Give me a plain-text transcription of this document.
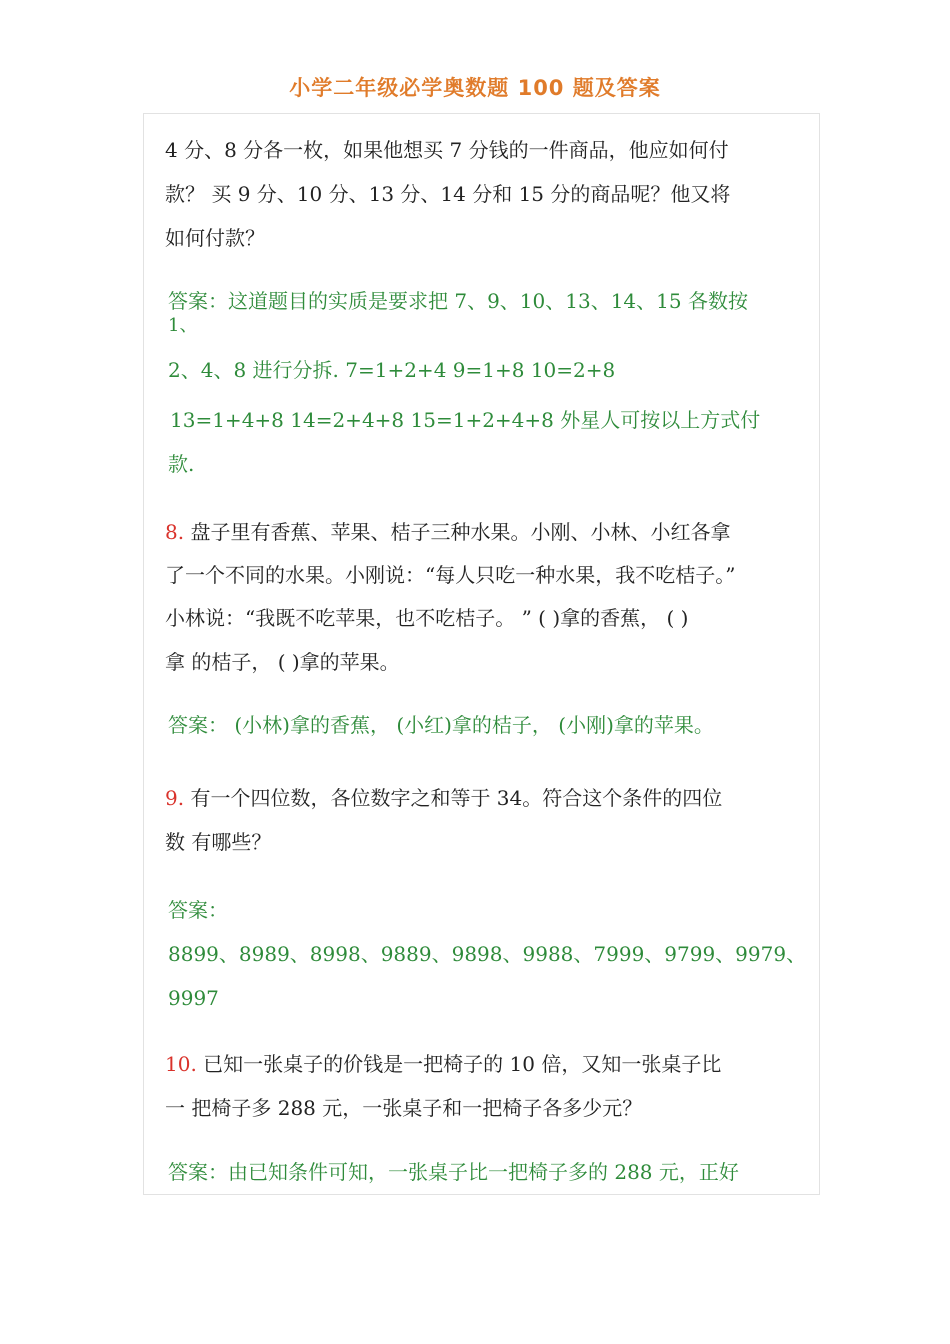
小学二年级必学奥数题 100 题及答案
4 分、8 分各一枚，如果他想买 7 分钱的一件商品，他应如何付
款？ 买 9 分、10 分、13 分、14 分和 15 分的商品呢？他又将
如何付款？
答案：这道题目的实质是要求把 7、9、10、13、14、15 各数按
1、
2、4、8 进行分拆. 7=1+2+4 9=1+8 10=2+8
13=1+4+8 14=2+4+8 15=1+2+4+8 外星人可按以上方式付
款.
8. 盘子里有香蕉、苹果、桔子三种水果。小刚、小林、小红各拿
了一个不同的水果。小刚说：“每人只吃一种水果，我不吃桔子。”
小林说：“我既不吃苹果，也不吃桔子。 ” ( )拿的香蕉， ( )
拿 的桔子， ( )拿的苹果。
答案： (小林)拿的香蕉， (小红)拿的桔子， (小刚)拿的苹果。
9. 有一个四位数，各位数字之和等于 34。符合这个条件的四位
数 有哪些？
答案：
8899、8989、8998、9889、9898、9988、7999、9799、9979、
9997
10. 已知一张桌子的价钱是一把椅子的 10 倍，又知一张桌子比
一 把椅子多 288 元，一张桌子和一把椅子各多少元？
答案：由已知条件可知，一张桌子比一把椅子多的 288 元，正好
